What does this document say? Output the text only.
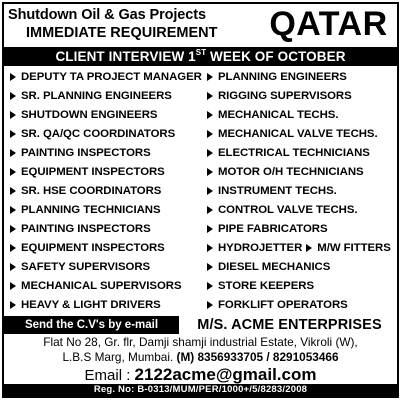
Shutdown Oil & Gas Projects
IMMEDIATE REQUIREMENT	QATAR
CLIENT INTERVIEW 1ST WEEK OF OCTOBER
DEPUTY TA PROJECT MANAGER	PLANNING ENGINEERS
SR. PLANNING ENGINEERS	RIGGING SUPERVISORS
SHUTDOWN ENGINEERS	MECHANICAL TECHS.
SR. QA/QC COORDINATORS	MECHANICAL VALVE TECHS.
PAINTING INSPECTORS	ELECTRICAL TECHNICIANS
EQUIPMENT INSPECTORS	MOTOR O/H TECHNICIANS
SR. HSE COORDINATORS	INSTRUMENT TECHS.
PLANNING TECHNICIANS	CONTROL VALVE TECHS.
PAINTING INSPECTORS	PIPE FABRICATORS
EQUIPMENT INSPECTORS	HYDROJETTER M/W FITTERS
SAFETY SUPERVISORS	DIESEL MECHANICS
MECHANICAL SUPERVISORS	STORE KEEPERS
HEAVY & LIGHT DRIVERS	FORKLIFT OPERATORS
Send the C.V's by e-mail	M/S. ACME ENTERPRISES
Flat No 28, Gr. flr, Damji shamji industrial Estate, Vikroli (W),
L.B.S Marg, Mumbai. (M) 8356933705 / 8291053466
Email : 2122acme@gmail.com
Reg. No: B-0313/MUM/PER/1000+/5/8283/2008
